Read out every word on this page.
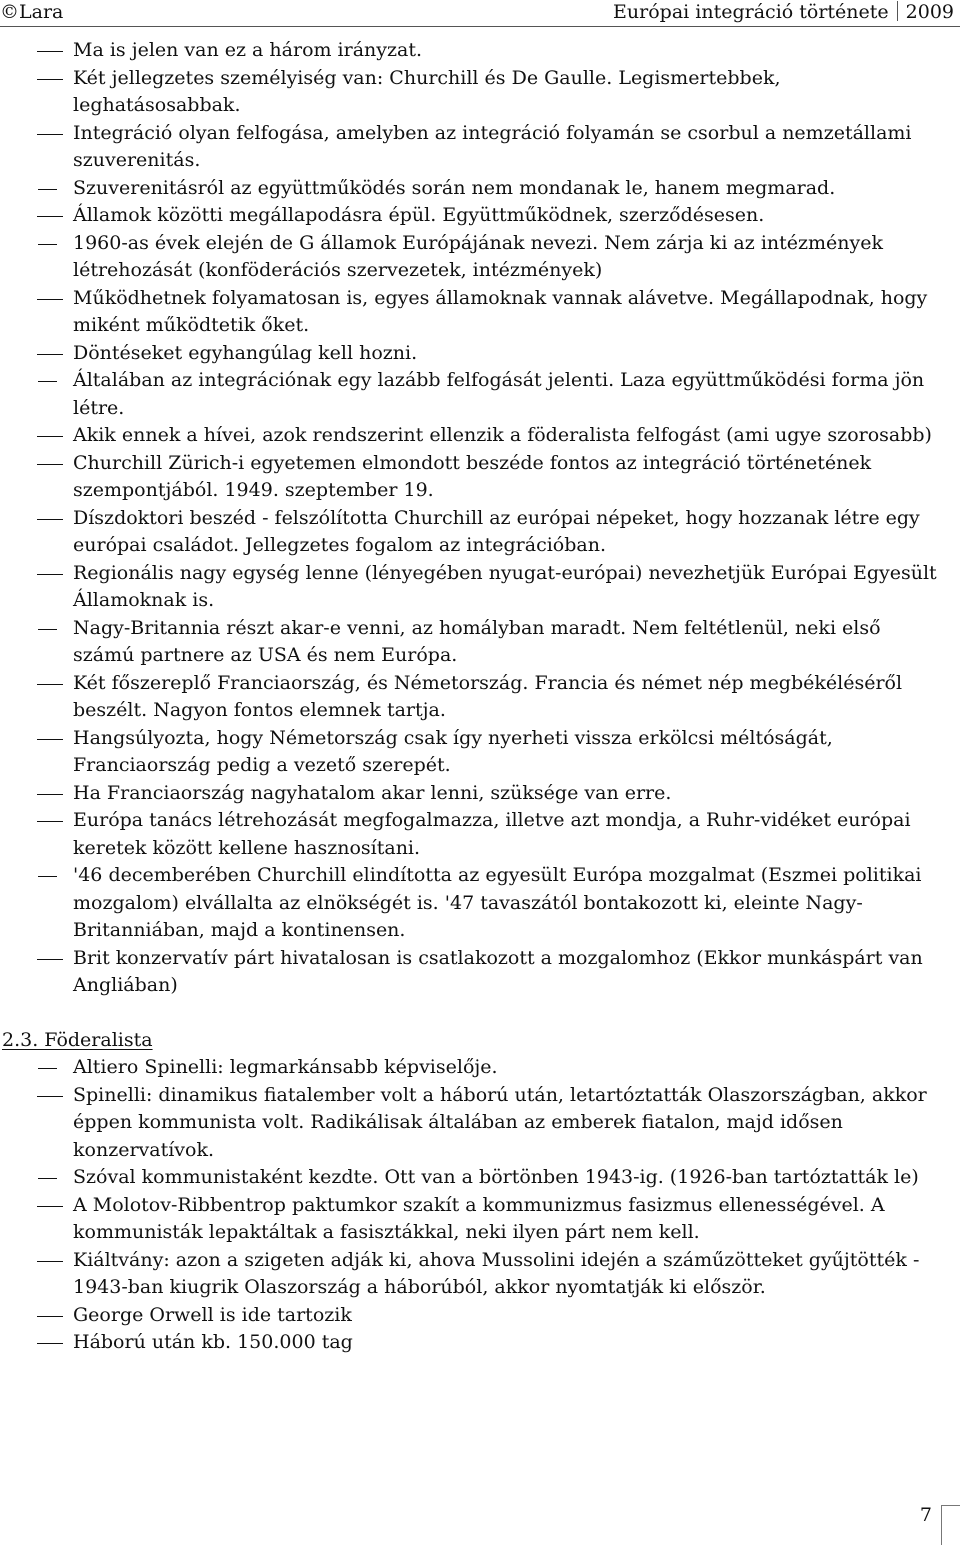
©Lara	Európai integráció története 2009
Ma is jelen van ez a három irányzat.
Két jellegzetes személyiség van: Churchill és De Gaulle. Legismertebbek, leghatásosabbak.
Integráció olyan felfogása, amelyben az integráció folyamán se csorbul a nemzetállami szuverenitás.
Szuverenitásról az együttműködés során nem mondanak le, hanem megmarad.
Államok közötti megállapodásra épül. Együttműködnek, szerződésesen.
1960-as évek elején de G államok Európájának nevezi. Nem zárja ki az intézmények létrehozását (konföderációs szervezetek, intézmények)
Működhetnek folyamatosan is, egyes államoknak vannak alávetve. Megállapodnak, hogy miként működtetik őket.
Döntéseket egyhangúlag kell hozni.
Általában az integrációnak egy lazább felfogását jelenti. Laza együttműködési forma jön létre.
Akik ennek a hívei, azok rendszerint ellenzik a föderalista felfogást (ami ugye szorosabb)
Churchill Zürich-i egyetemen elmondott beszéde fontos az integráció történetének szempontjából. 1949. szeptember 19.
Díszdoktori beszéd - felszólította Churchill az európai népeket, hogy hozzanak létre egy európai családot. Jellegzetes fogalom az integrációban.
Regionális nagy egység lenne (lényegében nyugat-európai) nevezhetjük Európai Egyesült Államoknak is.
Nagy-Britannia részt akar-e venni, az homályban maradt. Nem feltétlenül, neki első számú partnere az USA és nem Európa.
Két főszereplő Franciaország, és Németország. Francia és német nép megbékéléséről beszélt. Nagyon fontos elemnek tartja.
Hangsúlyozta, hogy Németország csak így nyerheti vissza erkölcsi méltóságát, Franciaország pedig a vezető szerepét.
Ha Franciaország nagyhatalom akar lenni, szüksége van erre.
Európa tanács létrehozását megfogalmazza, illetve azt mondja, a Ruhr-vidéket európai keretek között kellene hasznosítani.
'46 decemberében Churchill elindította az egyesült Európa mozgalmat (Eszmei politikai mozgalom) elvállalta az elnökségét is. '47 tavaszától bontakozott ki, eleinte Nagy-Britanniában, majd a kontinensen.
Brit konzervatív párt hivatalosan is csatlakozott a mozgalomhoz (Ekkor munkáspárt van Angliában)
2.3. Föderalista
Altiero Spinelli: legmarkánsabb képviselője.
Spinelli: dinamikus fiatalember volt a háború után, letartóztatták Olaszországban, akkor éppen kommunista volt. Radikálisak általában az emberek fiatalon, majd idősen konzervatívok.
Szóval kommunistaként kezdte. Ott van a börtönben 1943-ig. (1926-ban tartóztatták le)
A Molotov-Ribbentrop paktumkor szakít a kommunizmus fasizmus ellenességével. A kommunisták lepaktáltak a fasisztákkal, neki ilyen párt nem kell.
Kiáltvány: azon a szigeten adják ki, ahova Mussolini idején a száműzötteket gyűjtötték - 1943-ban kiugrik Olaszország a háborúból, akkor nyomtatják ki először.
George Orwell is ide tartozik
Háború után kb. 150.000 tag
7
